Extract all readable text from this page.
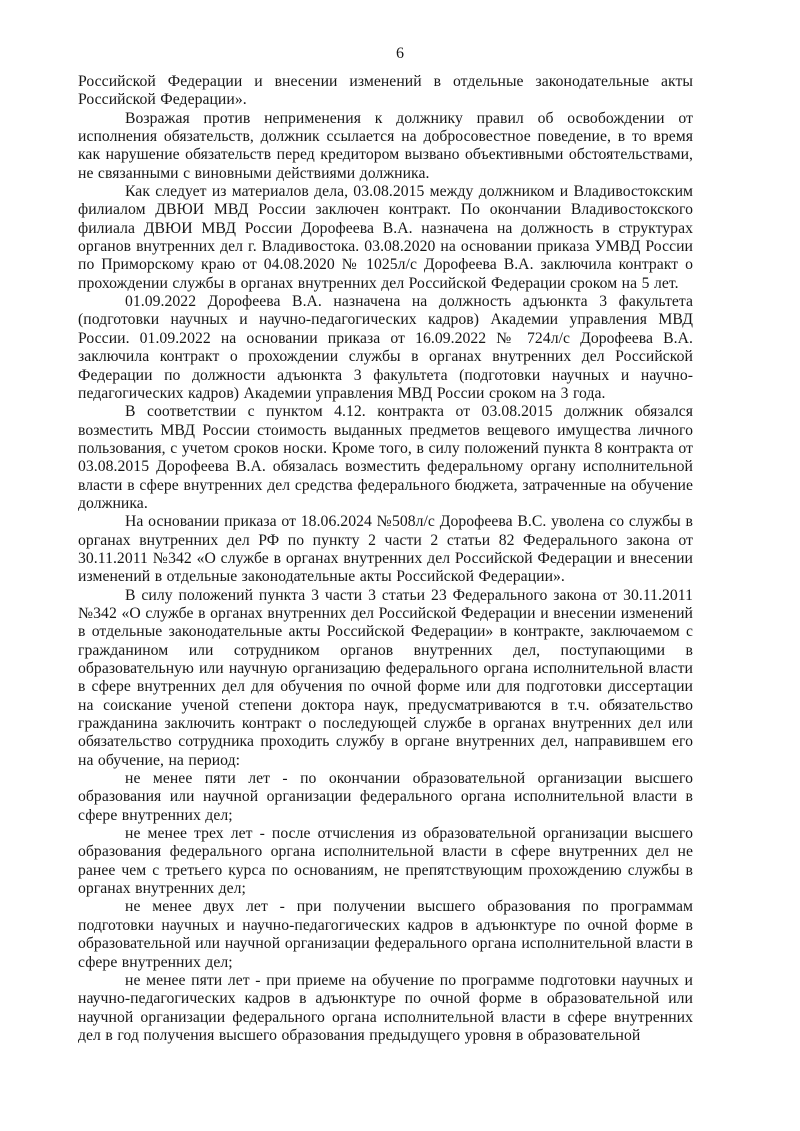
6

Российской Федерации и внесении изменений в отдельные законодательные акты Российской Федерации».

Возражая против неприменения к должнику правил об освобождении от исполнения обязательств, должник ссылается на добросовестное поведение, в то время как нарушение обязательств перед кредитором вызвано объективными обстоятельствами, не связанными с виновными действиями должника.

Как следует из материалов дела, 03.08.2015 между должником и Владивостокским филиалом ДВЮИ МВД России заключен контракт. По окончании Владивостокского филиала ДВЮИ МВД России Дорофеева В.А. назначена на должность в структурах органов внутренних дел г. Владивостока. 03.08.2020 на основании приказа УМВД России по Приморскому краю от 04.08.2020 № 1025л/с Дорофеева В.А. заключила контракт о прохождении службы в органах внутренних дел Российской Федерации сроком на 5 лет.

01.09.2022 Дорофеева В.А. назначена на должность адъюнкта 3 факультета (подготовки научных и научно-педагогических кадров) Академии управления МВД России. 01.09.2022 на основании приказа от 16.09.2022 № 724л/с Дорофеева В.А. заключила контракт о прохождении службы в органах внутренних дел Российской Федерации по должности адъюнкта 3 факультета (подготовки научных и научно-педагогических кадров) Академии управления МВД России сроком на 3 года.

В соответствии с пунктом 4.12. контракта от 03.08.2015 должник обязался возместить МВД России стоимость выданных предметов вещевого имущества личного пользования, с учетом сроков носки. Кроме того, в силу положений пункта 8 контракта от 03.08.2015 Дорофеева В.А. обязалась возместить федеральному органу исполнительной власти в сфере внутренних дел средства федерального бюджета, затраченные на обучение должника.

На основании приказа от 18.06.2024 №508л/с Дорофеева В.С. уволена со службы в органах внутренних дел РФ по пункту 2 части 2 статьи 82 Федерального закона от 30.11.2011 №342 «О службе в органах внутренних дел Российской Федерации и внесении изменений в отдельные законодательные акты Российской Федерации».

В силу положений пункта 3 части 3 статьи 23 Федерального закона от 30.11.2011 №342 «О службе в органах внутренних дел Российской Федерации и внесении изменений в отдельные законодательные акты Российской Федерации» в контракте, заключаемом с гражданином или сотрудником органов внутренних дел, поступающими в образовательную или научную организацию федерального органа исполнительной власти в сфере внутренних дел для обучения по очной форме или для подготовки диссертации на соискание ученой степени доктора наук, предусматриваются в т.ч. обязательство гражданина заключить контракт о последующей службе в органах внутренних дел или обязательство сотрудника проходить службу в органе внутренних дел, направившем его на обучение, на период:

не менее пяти лет - по окончании образовательной организации высшего образования или научной организации федерального органа исполнительной власти в сфере внутренних дел;

не менее трех лет - после отчисления из образовательной организации высшего образования федерального органа исполнительной власти в сфере внутренних дел не ранее чем с третьего курса по основаниям, не препятствующим прохождению службы в органах внутренних дел;

не менее двух лет - при получении высшего образования по программам подготовки научных и научно-педагогических кадров в адъюнктуре по очной форме в образовательной или научной организации федерального органа исполнительной власти в сфере внутренних дел;

не менее пяти лет - при приеме на обучение по программе подготовки научных и научно-педагогических кадров в адъюнктуре по очной форме в образовательной или научной организации федерального органа исполнительной власти в сфере внутренних дел в год получения высшего образования предыдущего уровня в образовательной
